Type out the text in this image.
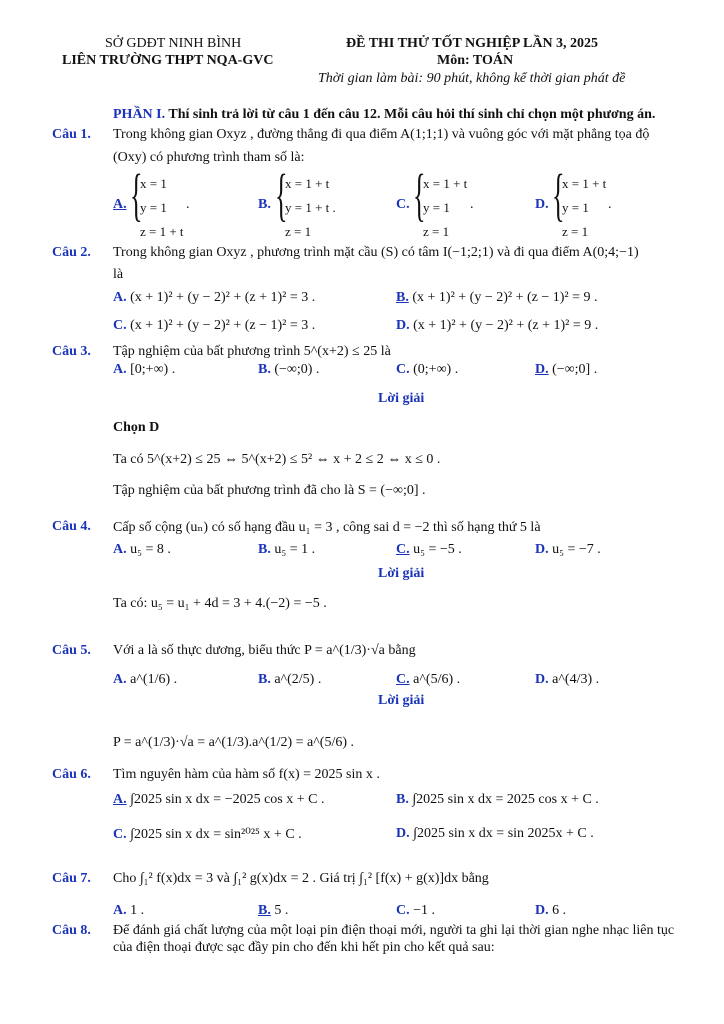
SỞ GDĐT NINH BÌNH
LIÊN TRƯỜNG THPT NQA-GVC
ĐỀ THI THỬ TỐT NGHIỆP LẦN 3, 2025
Môn: TOÁN
Thời gian làm bài: 90 phút, không kể thời gian phát đề
PHẦN I. Thí sinh trả lời từ câu 1 đến câu 12. Mỗi câu hỏi thí sinh chỉ chọn một phương án.
Câu 1. Trong không gian Oxyz , đường thẳng đi qua điểm A(1;1;1) và vuông góc với mặt phẳng tọa độ
(Oxy) có phương trình tham số là:
A. {
x = 1
y = 1
z = 1 + t
.	B. {
x = 1 + t
y = 1 + t .
z = 1
C. {
x = 1 + t
y = 1
z = 1
.	D. {
x = 1 + t
y = 1
z = 1
.
Câu 2. Trong không gian Oxyz , phương trình mặt cầu (S) có tâm I(−1;2;1) và đi qua điểm A(0;4;−1)
là
A. (x + 1)² + (y − 2)² + (z + 1)² = 3 .	B. (x + 1)² + (y − 2)² + (z − 1)² = 9 .
C. (x + 1)² + (y − 2)² + (z − 1)² = 3 .	D. (x + 1)² + (y − 2)² + (z + 1)² = 9 .
Câu 3. Tập nghiệm của bất phương trình 5^(x+2) ≤ 25 là
A. [0;+∞) .	B. (−∞;0) .	C. (0;+∞) .	D. (−∞;0] .
Lời giải
Chọn D
Ta có 5^(x+2) ≤ 25 ⇔ 5^(x+2) ≤ 5² ⇔ x + 2 ≤ 2 ⇔ x ≤ 0 .
Tập nghiệm của bất phương trình đã cho là S = (−∞;0] .
Câu 4. Cấp số cộng (uₙ) có số hạng đầu u₁ = 3 , công sai d = −2 thì số hạng thứ 5 là
A. u₅ = 8 .	B. u₅ = 1 .	C. u₅ = −5 .	D. u₅ = −7 .
Lời giải
Ta có: u₅ = u₁ + 4d = 3 + 4.(−2) = −5 .
Câu 5. Với a là số thực dương, biểu thức P = a^(1/3)·√a bằng
A. a^(1/6) .	B. a^(2/5) .	C. a^(5/6) .	D. a^(4/3) .
Lời giải
P = a^(1/3)·√a = a^(1/3).a^(1/2) = a^(5/6) .
Câu 6. Tìm nguyên hàm của hàm số f(x) = 2025 sin x .
A. ∫2025 sin x dx = −2025 cos x + C .	B. ∫2025 sin x dx = 2025 cos x + C .
C. ∫2025 sin x dx = sin²⁰²⁵ x + C .	D. ∫2025 sin x dx = sin 2025x + C .
Câu 7. Cho ∫₁² f(x)dx = 3 và ∫₁² g(x)dx = 2 . Giá trị ∫₁² [f(x) + g(x)]dx bằng
A. 1 .	B. 5 .	C. −1 .	D. 6 .
Câu 8. Để đánh giá chất lượng của một loại pin điện thoại mới, người ta ghi lại thời gian nghe nhạc liên tục
của điện thoại được sạc đầy pin cho đến khi hết pin cho kết quả sau:
